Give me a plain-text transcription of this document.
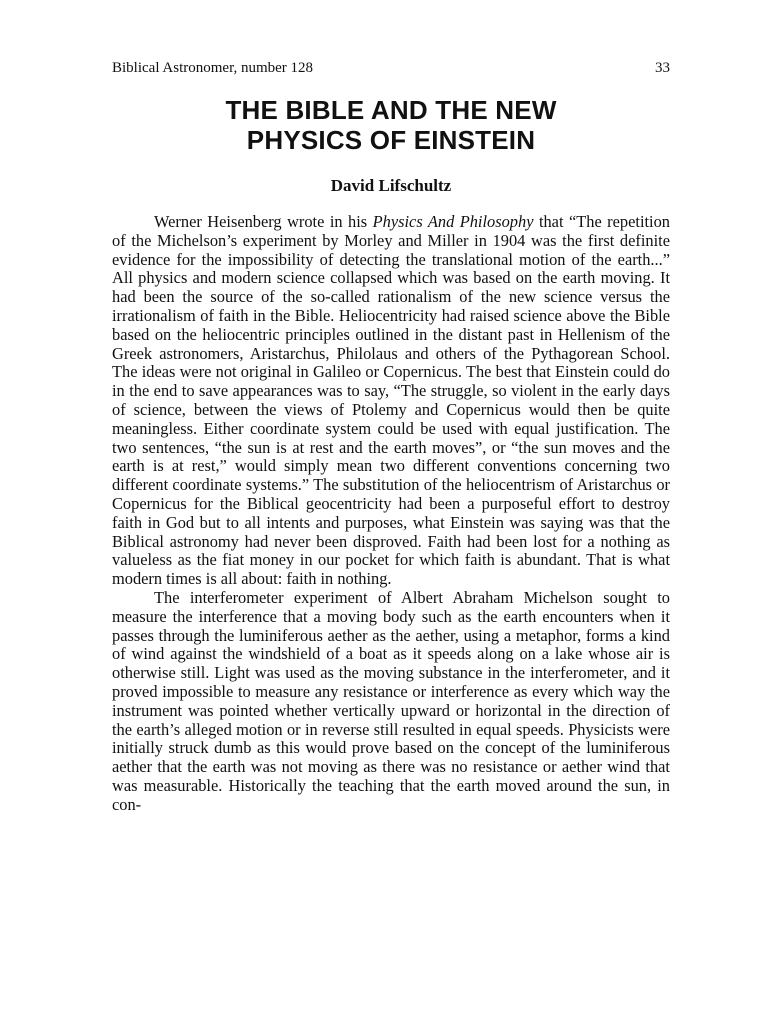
Biblical Astronomer, number 128	33
THE BIBLE AND THE NEW
PHYSICS OF EINSTEIN
David Lifschultz

Werner Heisenberg wrote in his Physics And Philosophy that “The repetition of the Michelson’s experiment by Morley and Miller in 1904 was the first definite evidence for the impossibility of detecting the translational motion of the earth...” All physics and modern science collapsed which was based on the earth moving. It had been the source of the so-called rationalism of the new science versus the irrationalism of faith in the Bible. Heliocentricity had raised science above the Bible based on the heliocentric principles outlined in the distant past in Hellenism of the Greek astronomers, Aristarchus, Philolaus and others of the Pythagorean School. The ideas were not original in Galileo or Copernicus. The best that Einstein could do in the end to save appearances was to say, “The struggle, so violent in the early days of science, between the views of Ptolemy and Copernicus would then be quite meaningless. Either coordinate system could be used with equal justification. The two sentences, “the sun is at rest and the earth moves”, or “the sun moves and the earth is at rest,” would simply mean two different conventions concerning two different coordinate systems.” The substitution of the heliocentrism of Aristarchus or Copernicus for the Biblical geocentricity had been a purposeful effort to destroy faith in God but to all intents and purposes, what Einstein was saying was that the Biblical astronomy had never been disproved. Faith had been lost for a nothing as valueless as the fiat money in our pocket for which faith is abundant. That is what modern times is all about: faith in nothing.

The interferometer experiment of Albert Abraham Michelson sought to measure the interference that a moving body such as the earth encounters when it passes through the luminiferous aether as the aether, using a metaphor, forms a kind of wind against the windshield of a boat as it speeds along on a lake whose air is otherwise still. Light was used as the moving substance in the interferometer, and it proved impossible to measure any resistance or interference as every which way the instrument was pointed whether vertically upward or horizontal in the direction of the earth’s alleged motion or in reverse still resulted in equal speeds. Physicists were initially struck dumb as this would prove based on the concept of the luminiferous aether that the earth was not moving as there was no resistance or aether wind that was measurable. Historically the teaching that the earth moved around the sun, in con-
